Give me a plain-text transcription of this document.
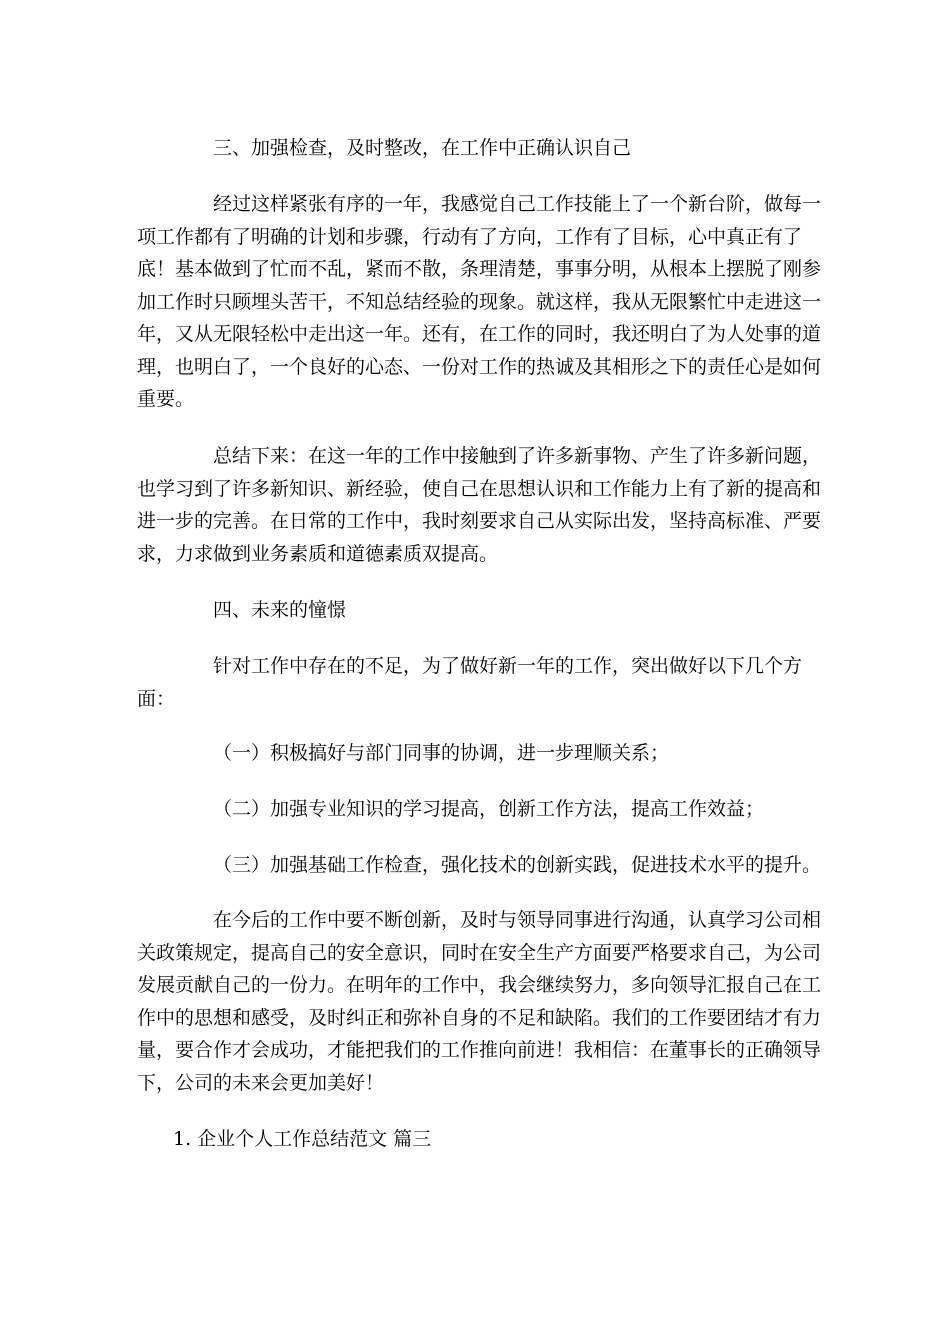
三、加强检查，及时整改，在工作中正确认识自己

经过这样紧张有序的一年，我感觉自己工作技能上了一个新台阶，做每一项工作都有了明确的计划和步骤，行动有了方向，工作有了目标，心中真正有了底！基本做到了忙而不乱，紧而不散，条理清楚，事事分明，从根本上摆脱了刚参加工作时只顾埋头苦干，不知总结经验的现象。就这样，我从无限繁忙中走进这一年，又从无限轻松中走出这一年。还有，在工作的同时，我还明白了为人处事的道理，也明白了，一个良好的心态、一份对工作的热诚及其相形之下的责任心是如何重要。

总结下来：在这一年的工作中接触到了许多新事物、产生了许多新问题，也学习到了许多新知识、新经验，使自己在思想认识和工作能力上有了新的提高和进一步的完善。在日常的工作中，我时刻要求自己从实际出发，坚持高标准、严要求，力求做到业务素质和道德素质双提高。

四、未来的憧憬

针对工作中存在的不足，为了做好新一年的工作，突出做好以下几个方面：

（一）积极搞好与部门同事的协调，进一步理顺关系；

（二）加强专业知识的学习提高，创新工作方法，提高工作效益；

（三）加强基础工作检查，强化技术的创新实践，促进技术水平的提升。

在今后的工作中要不断创新，及时与领导同事进行沟通，认真学习公司相关政策规定，提高自己的安全意识，同时在安全生产方面要严格要求自己，为公司发展贡献自己的一份力。在明年的工作中，我会继续努力，多向领导汇报自己在工作中的思想和感受，及时纠正和弥补自身的不足和缺陷。我们的工作要团结才有力量，要合作才会成功，才能把我们的工作推向前进！我相信：在董事长的正确领导下，公司的未来会更加美好！

1. 企业个人工作总结范文 篇三
